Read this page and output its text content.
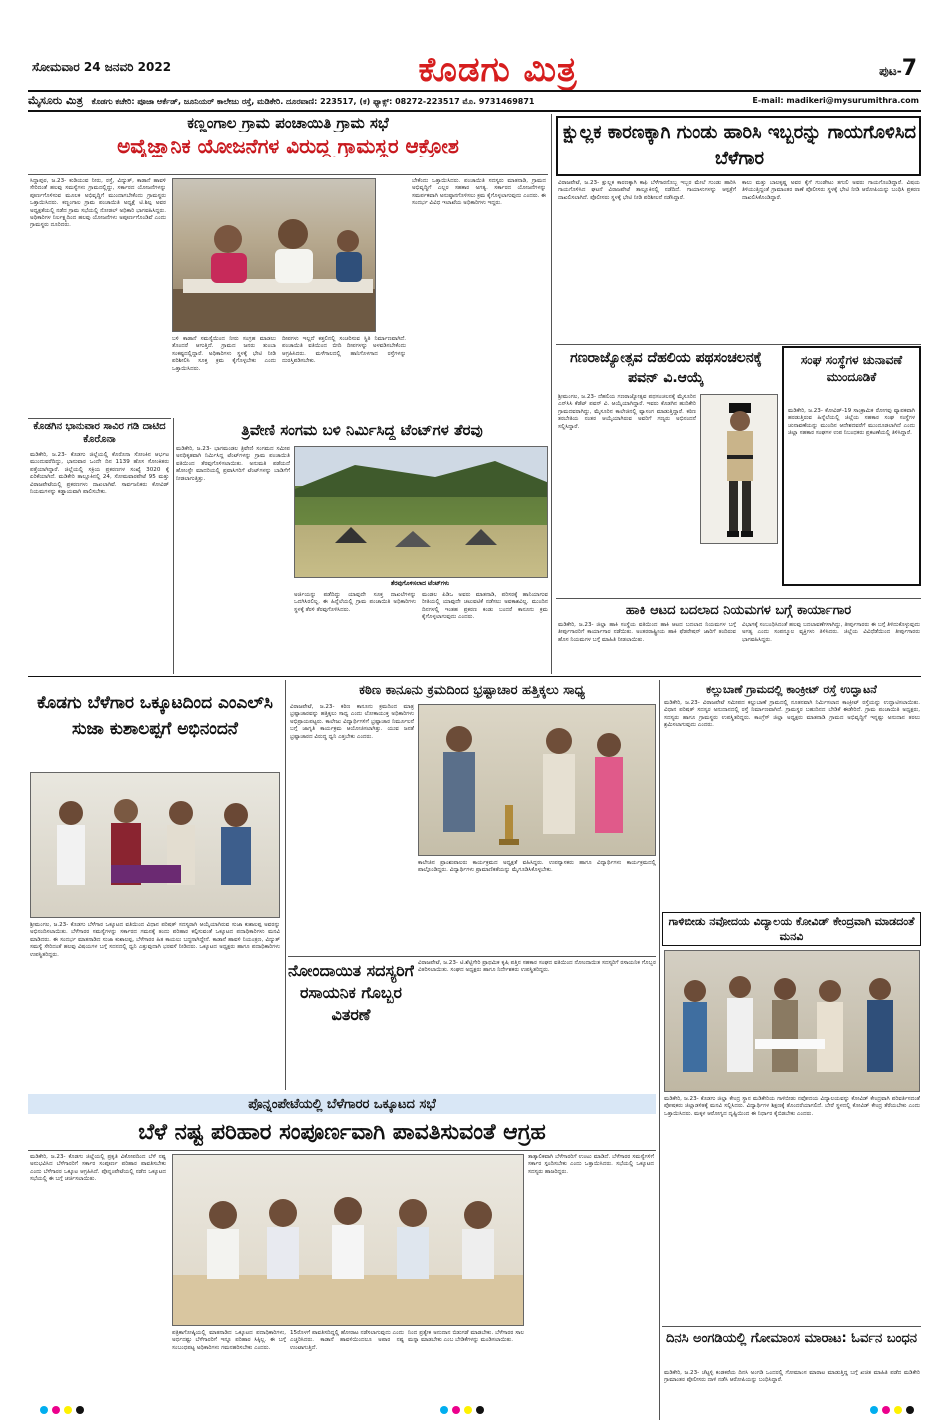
ಸೋಮವಾರ 24 ಜನವರಿ 2022	ಕೊಡಗು ಮಿತ್ರ	ಪುಟ-7
ಮೈಸೂರು ಮಿತ್ರ ಕೊಡಗು ಕಚೇರಿ: ಪೂಜಾ ಆರ್ಕೆಡ್, ಜೂನಿಯರ್ ಕಾಲೇಜು ರಸ್ತೆ, ಮಡಿಕೇರಿ. ದೂರವಾಣಿ: 223517, (ಕ) ಫ್ಯಾಕ್ಸ್: 08272-223517 ಮೊ. 9731469871	E-mail: madikeri@mysurumithra.com
ಕಣ್ಣಂಗಾಲ ಗ್ರಾಮ ಪಂಚಾಯಿತಿ ಗ್ರಾಮ ಸಭೆ
ಅವೈಜ್ಞಾನಿಕ ಯೋಜನೆಗಳ ವಿರುದ್ಧ ಗ್ರಾಮಸ್ಥರ ಆಕ್ರೋಶ
ಸಿದ್ದಾಪುರ, ಜ.23- ಕುಡಿಯುವ ನೀರು, ರಸ್ತೆ, ವಿದ್ಯುತ್, ಕಾಡಾನೆ ಹಾವಳಿ ಸೇರಿದಂತೆ ಹಲವು ಸಮಸ್ಯೆಗಳು ಗ್ರಾಮದಲ್ಲಿದ್ದು, ಸರ್ಕಾರದ ಯೋಜನೆಗಳನ್ನು ಪೂರ್ಣಗೊಳಿಸುವ ಮೂಲಕ ಅಭಿವೃದ್ಧಿಗೆ ಮುಂದಾಗಬೇಕೆಂದು ಗ್ರಾಮಸ್ಥರು ಒತ್ತಾಯಿಸಿದರು. ಕಣ್ಣಂಗಾಲ ಗ್ರಾಮ ಪಂಚಾಯಿತಿ ಅಧ್ಯಕ್ಷೆ ಟಿ.ಶಿಲ್ಪ ಅವರ ಅಧ್ಯಕ್ಷತೆಯಲ್ಲಿ ನಡೆದ ಗ್ರಾಮ ಸಭೆಯಲ್ಲಿ ನೋಡಲ್ ಅಧಿಕಾರಿ ಭಾಗವಹಿಸಿದ್ದರು. ಅಧಿಕಾರಿಗಳ ನಿರ್ಲಕ್ಷ್ಯದಿಂದ ಹಲವು ಯೋಜನೆಗಳು ಅಪೂರ್ಣಗೊಂಡಿವೆ ಎಂದು ಗ್ರಾಮಸ್ಥರು ದೂರಿದರು.
ಬಳಿ ಕಾಡಾನೆ ಸಮಸ್ಯೆಯಿಂದ ನೀರು ಸಂಗ್ರಹ ಮಾಡಲು ತೊಂದರೆ ಆಗುತ್ತಿದೆ. ಗ್ರಾಮದ ಜನರು ತುಂಬಾ ಸಂಕಷ್ಟದಲ್ಲಿದ್ದಾರೆ. ಅಧಿಕಾರಿಗಳು ಸ್ಥಳಕ್ಕೆ ಭೇಟಿ ನೀಡಿ ಪರಿಶೀಲಿಸಿ ಸೂಕ್ತ ಕ್ರಮ ಕೈಗೊಳ್ಳಬೇಕು ಎಂದು ಒತ್ತಾಯಿಸಿದರು.
ದೀಪಗಳು ಇಲ್ಲದೆ ಕತ್ತಲಿನಲ್ಲಿ ಸಂಚರಿಸುವ ಸ್ಥಿತಿ ನಿರ್ಮಾಣವಾಗಿದೆ. ಪಂಚಾಯಿತಿ ವತಿಯಿಂದ ಬೀದಿ ದೀಪಗಳನ್ನು ಅಳವಡಿಸಬೇಕೆಂದು ಆಗ್ರಹಿಸಿದರು. ಮಳೆಗಾಲದಲ್ಲಿ ಹಾನಿಗೊಳಗಾದ ರಸ್ತೆಗಳನ್ನು ದುರಸ್ತಿಪಡಿಸಬೇಕು.
ಬೇಕೆಂದು ಒತ್ತಾಯಿಸಿದರು. ಪಂಚಾಯಿತಿ ಸದಸ್ಯರು ಮಾತನಾಡಿ, ಗ್ರಾಮದ ಅಭಿವೃದ್ಧಿಗೆ ಎಲ್ಲರ ಸಹಕಾರ ಅಗತ್ಯ. ಸರ್ಕಾರದ ಯೋಜನೆಗಳನ್ನು ಸಮರ್ಪಕವಾಗಿ ಅನುಷ್ಠಾನಗೊಳಿಸಲು ಕ್ರಮ ಕೈಗೊಳ್ಳಲಾಗುವುದು ಎಂದರು. ಈ ಸಂದರ್ಭ ವಿವಿಧ ಇಲಾಖೆಯ ಅಧಿಕಾರಿಗಳು ಇದ್ದರು.
ಕ್ಷುಲ್ಲಕ ಕಾರಣಕ್ಕಾಗಿ ಗುಂಡು ಹಾರಿಸಿ ಇಬ್ಬರನ್ನು ಗಾಯಗೊಳಿಸಿದ ಬೆಳೆಗಾರ
ವಿರಾಜಪೇಟೆ, ಜ.23- ಕ್ಷುಲ್ಲಕ ಕಾರಣಕ್ಕಾಗಿ ಕಾಫಿ ಬೆಳೆಗಾರನೊಬ್ಬ ಇಬ್ಬರ ಮೇಲೆ ಗುಂಡು ಹಾರಿಸಿ ಗಾಯಗೊಳಿಸಿದ ಘಟನೆ ವಿರಾಜಪೇಟೆ ತಾಲ್ಲೂಕಿನಲ್ಲಿ ನಡೆದಿದೆ. ಗಾಯಾಳುಗಳನ್ನು ಆಸ್ಪತ್ರೆಗೆ ದಾಖಲಿಸಲಾಗಿದೆ. ಪೊಲೀಸರು ಸ್ಥಳಕ್ಕೆ ಭೇಟಿ ನೀಡಿ ಪರಿಶೀಲನೆ ನಡೆಸಿದ್ದಾರೆ.
ಕಾಲು ಮತ್ತು ಬಾಲಕೃಷ್ಣ ಅವರ ಕೈಗೆ ಗುಂಡೇಟು ತಗುಲಿ ಅವರು ಗಾಯಗೊಂಡಿದ್ದಾರೆ. ವಿಷಯ ತಿಳಿಯುತ್ತಿದ್ದಂತೆ ಗ್ರಾಮಾಂತರ ಠಾಣೆ ಪೊಲೀಸರು ಸ್ಥಳಕ್ಕೆ ಭೇಟಿ ನೀಡಿ ಆರೋಪಿಯನ್ನು ಬಂಧಿಸಿ ಪ್ರಕರಣ ದಾಖಲಿಸಿಕೊಂಡಿದ್ದಾರೆ.
ಗಣರಾಜ್ಯೋತ್ಸವ ದೆಹಲಿಯ ಪಥಸಂಚಲನಕ್ಕೆ ಪವನ್ ವಿ.ಆಯ್ಕೆ
ಶ್ರೀಮಂಗಲ, ಜ.23- ದೆಹಲಿಯ ಗಣರಾಜ್ಯೋತ್ಸವ ಪಥಸಂಚಲನಕ್ಕೆ ಮೈಸೂರಿನ ಎನ್‌ಸಿಸಿ ಕೆಡೆಟ್ ಪವನ್ ವಿ. ಆಯ್ಕೆಯಾಗಿದ್ದಾರೆ. ಇವರು ಕೊಡಗಿನ ಹುದಿಕೇರಿ ಗ್ರಾಮದವರಾಗಿದ್ದು, ಮೈಸೂರಿನ ಕಾಲೇಜಿನಲ್ಲಿ ವ್ಯಾಸಂಗ ಮಾಡುತ್ತಿದ್ದಾರೆ. ಕಠಿಣ ತರಬೇತಿಯ ನಂತರ ಆಯ್ಕೆಯಾಗಿರುವ ಅವರಿಗೆ ಗಣ್ಯರು ಅಭಿನಂದನೆ ಸಲ್ಲಿಸಿದ್ದಾರೆ.
ಸಂಘ ಸಂಸ್ಥೆಗಳ ಚುನಾವಣೆ ಮುಂದೂಡಿಕೆ
ಮಡಿಕೇರಿ, ಜ.23- ಕೋವಿಡ್-19 ಸಾಂಕ್ರಾಮಿಕ ರೋಗವು ವ್ಯಾಪಕವಾಗಿ ಹರಡುತ್ತಿರುವ ಹಿನ್ನೆಲೆಯಲ್ಲಿ ಜಿಲ್ಲೆಯ ಸಹಕಾರ ಸಂಘ ಸಂಸ್ಥೆಗಳ ಚುನಾವಣೆಯನ್ನು ಮುಂದಿನ ಆದೇಶದವರೆಗೆ ಮುಂದೂಡಲಾಗಿದೆ ಎಂದು ಜಿಲ್ಲಾ ಸಹಕಾರ ಸಂಘಗಳ ಉಪ ನಿಬಂಧಕರು ಪ್ರಕಟಣೆಯಲ್ಲಿ ತಿಳಿಸಿದ್ದಾರೆ.
ಕೊಡಗಿನ ಭಾನುವಾರ ಸಾವಿರ ಗಡಿ ದಾಟಿದ ಕೊರೊನಾ
ಮಡಿಕೇರಿ, ಜ.23- ಕೊಡಗು ಜಿಲ್ಲೆಯಲ್ಲಿ ಕೊರೊನಾ ಸೋಂಕಿನ ಆರ್ಭಟ ಮುಂದುವರೆದಿದ್ದು, ಭಾನುವಾರ ಒಂದೇ ದಿನ 1139 ಹೊಸ ಸೋಂಕಿತರು ಪತ್ತೆಯಾಗಿದ್ದಾರೆ. ಜಿಲ್ಲೆಯಲ್ಲಿ ಸಕ್ರಿಯ ಪ್ರಕರಣಗಳ ಸಂಖ್ಯೆ 3020 ಕ್ಕೆ ಏರಿಕೆಯಾಗಿದೆ. ಮಡಿಕೇರಿ ತಾಲ್ಲೂಕಿನಲ್ಲಿ 24, ಸೋಮವಾರಪೇಟೆ 95 ಮತ್ತು ವಿರಾಜಪೇಟೆಯಲ್ಲಿ ಪ್ರಕರಣಗಳು ದಾಖಲಾಗಿವೆ. ಸಾರ್ವಜನಿಕರು ಕೋವಿಡ್ ನಿಯಮಗಳನ್ನು ಕಡ್ಡಾಯವಾಗಿ ಪಾಲಿಸಬೇಕು.
ತ್ರಿವೇಣಿ ಸಂಗಮ ಬಳಿ ನಿರ್ಮಿಸಿದ್ದ ಟೆಂಟ್‌ಗಳ ತೆರವು
ಮಡಿಕೇರಿ, ಜ.23- ಭಾಗಮಂಡಲ ತ್ರಿವೇಣಿ ಸಂಗಮದ ಸಮೀಪ ಅನಧಿಕೃತವಾಗಿ ನಿರ್ಮಿಸಿದ್ದ ಟೆಂಟ್‌ಗಳನ್ನು ಗ್ರಾಮ ಪಂಚಾಯಿತಿ ವತಿಯಿಂದ ತೆರವುಗೊಳಿಸಲಾಯಿತು. ಅನುಮತಿ ಪಡೆಯದೆ ಹೋಂಸ್ಟೇ ಮಾದರಿಯಲ್ಲಿ ಪ್ರವಾಸಿಗರಿಗೆ ಟೆಂಟ್‌ಗಳನ್ನು ಬಾಡಿಗೆಗೆ ನೀಡಲಾಗುತ್ತಿತ್ತು.
ತೆರವುಗೊಳಿಸಲಾದ ಟೆಂಟ್‌ಗಳು
ಅರ್ಜಿಯನ್ನು ಪಡೆದಿದ್ದು ಯಾವುದೇ ಸೂಕ್ತ ದಾಖಲೆಗಳನ್ನು ಒದಗಿಸಿರಲಿಲ್ಲ. ಈ ಹಿನ್ನೆಲೆಯಲ್ಲಿ ಗ್ರಾಮ ಪಂಚಾಯಿತಿ ಅಧಿಕಾರಿಗಳು ಸ್ಥಳಕ್ಕೆ ತೆರಳಿ ತೆರವುಗೊಳಿಸಿದರು.
ಮಂಡಲ ಪಿಡಿಒ ಅವರು ಮಾತನಾಡಿ, ಪರಿಸರಕ್ಕೆ ಹಾನಿಯಾಗುವ ರೀತಿಯಲ್ಲಿ ಯಾವುದೇ ಚಟುವಟಿಕೆ ನಡೆಸಲು ಅವಕಾಶವಿಲ್ಲ. ಮುಂದಿನ ದಿನಗಳಲ್ಲಿ ಇಂತಹ ಪ್ರಕರಣ ಕಂಡು ಬಂದರೆ ಕಾನೂನು ಕ್ರಮ ಕೈಗೊಳ್ಳಲಾಗುವುದು ಎಂದರು.	ಹಾಕಿ ಆಟದ ಬದಲಾದ ನಿಯಮಗಳ ಬಗ್ಗೆ ಕಾರ್ಯಾಗಾರ
ಮಡಿಕೇರಿ, ಜ.23- ಜಿಲ್ಲಾ ಹಾಕಿ ಸಂಸ್ಥೆಯ ವತಿಯಿಂದ ಹಾಕಿ ಆಟದ ಬದಲಾದ ನಿಯಮಗಳ ಬಗ್ಗೆ ತೀರ್ಪುಗಾರರಿಗೆ ಕಾರ್ಯಾಗಾರ ನಡೆಯಿತು. ಅಂತರರಾಷ್ಟ್ರೀಯ ಹಾಕಿ ಫೆಡರೇಷನ್ ಜಾರಿಗೆ ತಂದಿರುವ ಹೊಸ ನಿಯಮಗಳ ಬಗ್ಗೆ ಮಾಹಿತಿ ನೀಡಲಾಯಿತು.
ವಿಭಾಗಕ್ಕೆ ಸಂಬಂಧಿಸಿದಂತೆ ಹಲವು ಬದಲಾವಣೆಗಳಾಗಿದ್ದು, ತೀರ್ಪುಗಾರರು ಈ ಬಗ್ಗೆ ತಿಳಿದುಕೊಳ್ಳುವುದು ಅಗತ್ಯ ಎಂದು ಸಂಪನ್ಮೂಲ ವ್ಯಕ್ತಿಗಳು ತಿಳಿಸಿದರು. ಜಿಲ್ಲೆಯ ವಿವಿಧೆಡೆಯಿಂದ ತೀರ್ಪುಗಾರರು ಭಾಗವಹಿಸಿದ್ದರು.
ಕೊಡಗು ಬೆಳೆಗಾರ ಒಕ್ಕೂಟದಿಂದ ಎಂಎಲ್‌ಸಿ ಸುಜಾ ಕುಶಾಲಪ್ಪಗೆ ಅಭಿನಂದನೆ
ಶ್ರೀಮಂಗಲ, ಜ.23- ಕೊಡಗು ಬೆಳೆಗಾರ ಒಕ್ಕೂಟದ ವತಿಯಿಂದ ವಿಧಾನ ಪರಿಷತ್ ಸದಸ್ಯರಾಗಿ ಆಯ್ಕೆಯಾಗಿರುವ ಸುಜಾ ಕುಶಾಲಪ್ಪ ಅವರನ್ನು ಅಭಿನಂದಿಸಲಾಯಿತು. ಬೆಳೆಗಾರರ ಸಮಸ್ಯೆಗಳನ್ನು ಸರ್ಕಾರದ ಗಮನಕ್ಕೆ ತಂದು ಪರಿಹಾರ ಕಲ್ಪಿಸುವಂತೆ ಒಕ್ಕೂಟದ ಪದಾಧಿಕಾರಿಗಳು ಮನವಿ ಮಾಡಿದರು. ಈ ಸಂದರ್ಭ ಮಾತನಾಡಿದ ಸುಜಾ ಕುಶಾಲಪ್ಪ, ಬೆಳೆಗಾರರ ಹಿತ ಕಾಯಲು ಬದ್ಧನಾಗಿದ್ದೇನೆ. ಕಾಡಾನೆ ಹಾವಳಿ ನಿಯಂತ್ರಣ, ವಿದ್ಯುತ್ ಸಮಸ್ಯೆ ಸೇರಿದಂತೆ ಹಲವು ವಿಷಯಗಳ ಬಗ್ಗೆ ಸದನದಲ್ಲಿ ಧ್ವನಿ ಎತ್ತುವುದಾಗಿ ಭರವಸೆ ನೀಡಿದರು. ಒಕ್ಕೂಟದ ಅಧ್ಯಕ್ಷರು ಹಾಗೂ ಪದಾಧಿಕಾರಿಗಳು ಉಪಸ್ಥಿತರಿದ್ದರು.
ಕಠಿಣ ಕಾನೂನು ಕ್ರಮದಿಂದ ಭ್ರಷ್ಟಾಚಾರ ಹತ್ತಿಕ್ಕಲು ಸಾಧ್ಯ
ವಿರಾಜಪೇಟೆ, ಜ.23- ಕಠಿಣ ಕಾನೂನು ಕ್ರಮದಿಂದ ಮಾತ್ರ ಭ್ರಷ್ಟಾಚಾರವನ್ನು ಹತ್ತಿಕ್ಕಲು ಸಾಧ್ಯ ಎಂದು ಲೋಕಾಯುಕ್ತ ಅಧಿಕಾರಿಗಳು ಅಭಿಪ್ರಾಯಪಟ್ಟರು. ಕಾಲೇಜು ವಿದ್ಯಾರ್ಥಿಗಳಿಗೆ ಭ್ರಷ್ಟಾಚಾರ ನಿರ್ಮೂಲನೆ ಬಗ್ಗೆ ಜಾಗೃತಿ ಕಾರ್ಯಕ್ರಮ ಆಯೋಜಿಸಲಾಗಿತ್ತು. ಯುವ ಜನತೆ ಭ್ರಷ್ಟಾಚಾರದ ವಿರುದ್ಧ ಧ್ವನಿ ಎತ್ತಬೇಕು ಎಂದರು.
ಕಾಲೇಜಿನ ಪ್ರಾಂಶುಪಾಲರು ಕಾರ್ಯಕ್ರಮದ ಅಧ್ಯಕ್ಷತೆ ವಹಿಸಿದ್ದರು. ಉಪನ್ಯಾಸಕರು ಹಾಗೂ ವಿದ್ಯಾರ್ಥಿಗಳು ಕಾರ್ಯಕ್ರಮದಲ್ಲಿ ಪಾಲ್ಗೊಂಡಿದ್ದರು. ವಿದ್ಯಾರ್ಥಿಗಳು ಪ್ರಾಮಾಣಿಕತೆಯನ್ನು ಮೈಗೂಡಿಸಿಕೊಳ್ಳಬೇಕು.
ನೋಂದಾಯಿತ ಸದಸ್ಯರಿಗೆ ರಸಾಯನಿಕ ಗೊಬ್ಬರ ವಿತರಣೆ
ವಿರಾಜಪೇಟೆ, ಜ.23- ಟಿ.ಶೆಟ್ಟಿಗೇರಿ ಪ್ರಾಥಮಿಕ ಕೃಷಿ ಪತ್ತಿನ ಸಹಕಾರ ಸಂಘದ ವತಿಯಿಂದ ನೋಂದಾಯಿತ ಸದಸ್ಯರಿಗೆ ರಸಾಯನಿಕ ಗೊಬ್ಬರ ವಿತರಿಸಲಾಯಿತು. ಸಂಘದ ಅಧ್ಯಕ್ಷರು ಹಾಗೂ ನಿರ್ದೇಶಕರು ಉಪಸ್ಥಿತರಿದ್ದರು.
ಕಲ್ಲುಬಾಣೆ ಗ್ರಾಮದಲ್ಲಿ ಕಾಂಕ್ರೀಟ್ ರಸ್ತೆ ಉದ್ಘಾಟನೆ
ಮಡಿಕೇರಿ, ಜ.23- ವಿರಾಜಪೇಟೆ ಸಮೀಪದ ಕಲ್ಲುಬಾಣೆ ಗ್ರಾಮದಲ್ಲಿ ನೂತನವಾಗಿ ನಿರ್ಮಿಸಲಾದ ಕಾಂಕ್ರೀಟ್ ರಸ್ತೆಯನ್ನು ಉದ್ಘಾಟಿಸಲಾಯಿತು. ವಿಧಾನ ಪರಿಷತ್ ಸದಸ್ಯರ ಅನುದಾನದಲ್ಲಿ ರಸ್ತೆ ನಿರ್ಮಾಣವಾಗಿದೆ. ಗ್ರಾಮಸ್ಥರ ಬಹುದಿನದ ಬೇಡಿಕೆ ಈಡೇರಿದೆ. ಗ್ರಾಮ ಪಂಚಾಯಿತಿ ಅಧ್ಯಕ್ಷರು, ಸದಸ್ಯರು ಹಾಗೂ ಗ್ರಾಮಸ್ಥರು ಉಪಸ್ಥಿತರಿದ್ದರು. ಕಾಂಗ್ರೆಸ್ ಜಿಲ್ಲಾ ಅಧ್ಯಕ್ಷರು ಮಾತನಾಡಿ ಗ್ರಾಮದ ಅಭಿವೃದ್ಧಿಗೆ ಇನ್ನಷ್ಟು ಅನುದಾನ ತರಲು ಶ್ರಮಿಸಲಾಗುವುದು ಎಂದರು.
ಗಾಳಿಬೀಡು ನವೋದಯ ವಿದ್ಯಾಲಯ ಕೋವಿಡ್ ಕೇಂದ್ರವಾಗಿ ಮಾಡದಂತೆ ಮನವಿ
ಮಡಿಕೇರಿ, ಜ.23- ಕೊಡಗು ಜಿಲ್ಲಾ ಕೇಂದ್ರ ಸ್ಥಾನ ಮಡಿಕೇರಿಯ ಗಾಳಿಬೀಡು ನವೋದಯ ವಿದ್ಯಾಲಯವನ್ನು ಕೋವಿಡ್ ಕೇಂದ್ರವಾಗಿ ಪರಿವರ್ತಿಸದಂತೆ ಪೋಷಕರು ಜಿಲ್ಲಾಡಳಿತಕ್ಕೆ ಮನವಿ ಸಲ್ಲಿಸಿದರು. ವಿದ್ಯಾರ್ಥಿಗಳ ಶಿಕ್ಷಣಕ್ಕೆ ತೊಂದರೆಯಾಗಲಿದೆ. ಬೇರೆ ಸ್ಥಳದಲ್ಲಿ ಕೋವಿಡ್ ಕೇಂದ್ರ ತೆರೆಯಬೇಕು ಎಂದು ಒತ್ತಾಯಿಸಿದರು. ಮಕ್ಕಳ ಆರೋಗ್ಯದ ದೃಷ್ಟಿಯಿಂದ ಈ ನಿರ್ಧಾರ ಕೈಬಿಡಬೇಕು ಎಂದರು.
ಪೊನ್ನಂಪೇಟೆಯಲ್ಲಿ ಬೆಳೆಗಾರರ ಒಕ್ಕೂಟದ ಸಭೆ
ಬೆಳೆ ನಷ್ಟ ಪರಿಹಾರ ಸಂಪೂರ್ಣವಾಗಿ ಪಾವತಿಸುವಂತೆ ಆಗ್ರಹ
ಮಡಿಕೇರಿ, ಜ.23- ಕೊಡಗು ಜಿಲ್ಲೆಯಲ್ಲಿ ಪ್ರಕೃತಿ ವಿಕೋಪದಿಂದ ಬೆಳೆ ನಷ್ಟ ಅನುಭವಿಸಿದ ಬೆಳೆಗಾರರಿಗೆ ಸರ್ಕಾರ ಸಂಪೂರ್ಣ ಪರಿಹಾರ ಪಾವತಿಸಬೇಕು ಎಂದು ಬೆಳೆಗಾರರ ಒಕ್ಕೂಟ ಆಗ್ರಹಿಸಿದೆ. ಪೊನ್ನಂಪೇಟೆಯಲ್ಲಿ ನಡೆದ ಒಕ್ಕೂಟದ ಸಭೆಯಲ್ಲಿ ಈ ಬಗ್ಗೆ ಚರ್ಚಿಸಲಾಯಿತು.
ಪತ್ರಿಕಾಗೋಷ್ಠಿಯಲ್ಲಿ ಮಾತನಾಡಿದ ಒಕ್ಕೂಟದ ಪದಾಧಿಕಾರಿಗಳು, ಅರ್ಧದಷ್ಟು ಬೆಳೆಗಾರರಿಗೆ ಇನ್ನೂ ಪರಿಹಾರ ಸಿಕ್ಕಿಲ್ಲ. ಈ ಬಗ್ಗೆ ಸಂಬಂಧಪಟ್ಟ ಅಧಿಕಾರಿಗಳು ಗಮನಹರಿಸಬೇಕು ಎಂದರು.
15ರೊಳಗೆ ಪಾವತಿಸದಿದ್ದಲ್ಲಿ ಹೋರಾಟ ನಡೆಸಲಾಗುವುದು ಎಂದು ಎಚ್ಚರಿಸಿದರು. ಕಾಡಾನೆ ಹಾವಳಿಯಿಂದಲೂ ಅಪಾರ ನಷ್ಟ ಉಂಟಾಗುತ್ತಿದೆ.
ನಿಂದ ಪ್ರತ್ಯೇಕ ಅನುದಾನ ಬಿಡುಗಡೆ ಮಾಡಬೇಕು. ಬೆಳೆಗಾರರ ಸಾಲ ಮನ್ನಾ ಮಾಡಬೇಕು ಎಂಬ ಬೇಡಿಕೆಗಳನ್ನು ಮಂಡಿಸಲಾಯಿತು.
ತಾತ್ಕಾಲಿಕವಾಗಿ ಬೆಳೆಗಾರರಿಗೆ ಉಂಟು ಮಾಡಿದೆ. ಬೆಳೆಗಾರರ ಸಮಸ್ಯೆಗಳಿಗೆ ಸರ್ಕಾರ ಸ್ಪಂದಿಸಬೇಕು ಎಂದು ಒತ್ತಾಯಿಸಿದರು. ಸಭೆಯಲ್ಲಿ ಒಕ್ಕೂಟದ ಸದಸ್ಯರು ಹಾಜರಿದ್ದರು.
ದಿನಸಿ ಅಂಗಡಿಯಲ್ಲಿ ಗೋಮಾಂಸ ಮಾರಾಟ: ಓರ್ವನ ಬಂಧನ
ಮಡಿಕೇರಿ, ಜ.23- ಚೆಟ್ಟಳ್ಳಿ ಕಂಡಕರೆಯ ದಿನಸಿ ಅಂಗಡಿ ಒಂದರಲ್ಲಿ ಗೋಮಾಂಸ ಮಾರಾಟ ಮಾಡುತ್ತಿದ್ದ ಬಗ್ಗೆ ಖಚಿತ ಮಾಹಿತಿ ಪಡೆದ ಮಡಿಕೇರಿ ಗ್ರಾಮಾಂತರ ಪೊಲೀಸರು ದಾಳಿ ನಡೆಸಿ ಆರೋಪಿಯನ್ನು ಬಂಧಿಸಿದ್ದಾರೆ.
